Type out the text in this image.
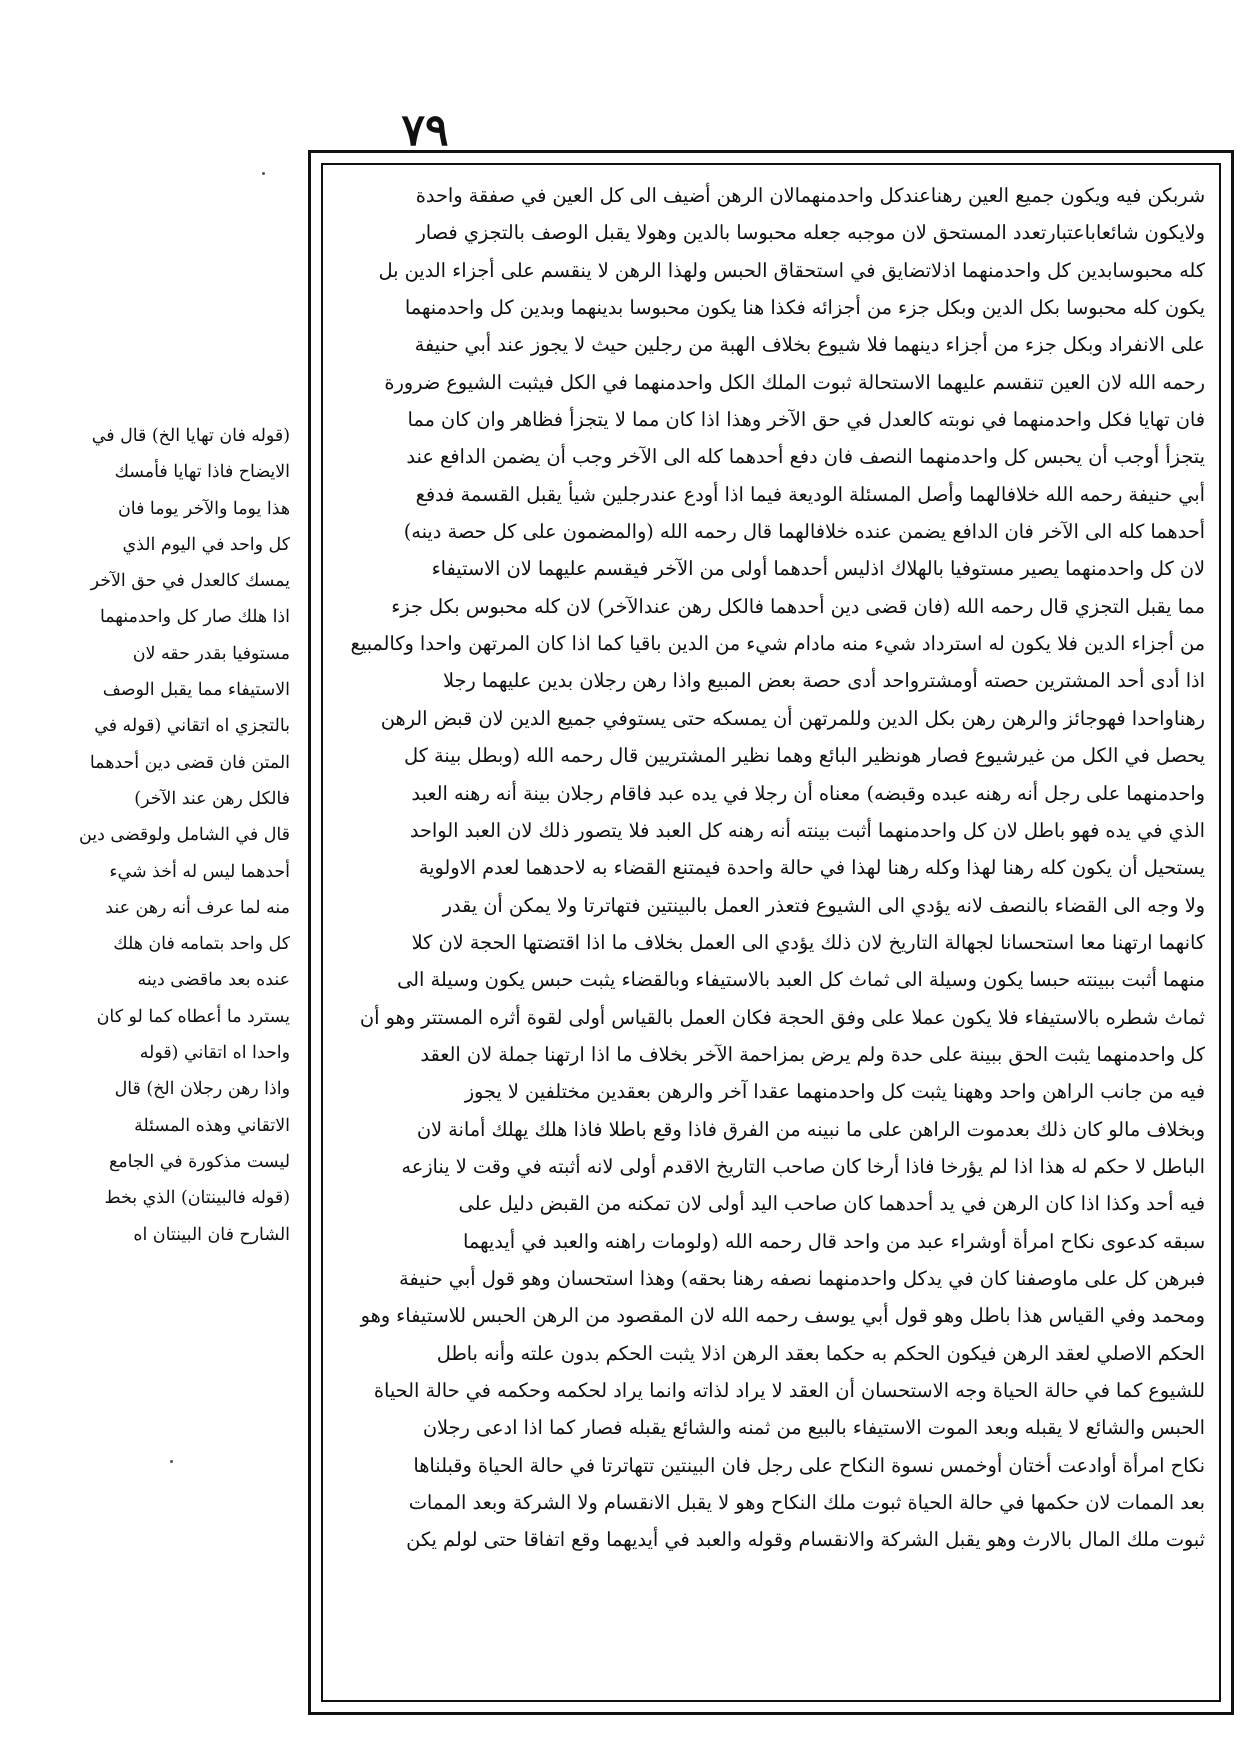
٧٩
شربكن فيه ويكون جميع العين رهناعندكل واحدمنهمالان الرهن أضيف الى كل العين في صفقة واحدة
ولايكون شائعاباعتبارتعدد المستحق لان موجبه جعله محبوسا بالدين وهولا يقبل الوصف بالتجزي فصار
كله محبوسابدين كل واحدمنهما اذلاتضايق في استحقاق الحبس ولهذا الرهن لا ينقسم على أجزاء الدين بل
يكون كله محبوسا بكل الدين وبكل جزء من أجزائه فكذا هنا يكون محبوسا بدينهما وبدين كل واحدمنهما
على الانفراد وبكل جزء من أجزاء دينهما فلا شيوع بخلاف الهبة من رجلين حيث لا يجوز عند أبي حنيفة
رحمه الله لان العين تنقسم عليهما الاستحالة ثبوت الملك الكل واحدمنهما في الكل فيثبت الشيوع ضرورة
فان تهايا فكل واحدمنهما في نوبته كالعدل في حق الآخر وهذا اذا كان مما لا يتجزأ فظاهر وان كان مما
يتجزأ أوجب أن يحبس كل واحدمنهما النصف فان دفع أحدهما كله الى الآخر وجب أن يضمن الدافع عند
أبي حنيفة رحمه الله خلافالهما وأصل المسئلة الوديعة فيما اذا أودع عندرجلين شيأ يقبل القسمة فدفع
أحدهما كله الى الآخر فان الدافع يضمن عنده خلافالهما قال رحمه الله (والمضمون على كل حصة دينه)
لان كل واحدمنهما يصير مستوفيا بالهلاك اذليس أحدهما أولى من الآخر فيقسم عليهما لان الاستيفاء
مما يقبل التجزي قال رحمه الله (فان قضى دين أحدهما فالكل رهن عندالآخر) لان كله محبوس بكل جزء
من أجزاء الدين فلا يكون له استرداد شيء منه مادام شيء من الدين باقيا كما اذا كان المرتهن واحدا وكالمبيع
اذا أدى أحد المشترين حصته أومشترواحد أدى حصة بعض المبيع واذا رهن رجلان بدين عليهما رجلا
رهناواحدا فهوجائز والرهن رهن بكل الدين وللمرتهن أن يمسكه حتى يستوفي جميع الدين لان قبض الرهن
يحصل في الكل من غيرشيوع فصار هونظير البائع وهما نظير المشتريين قال رحمه الله (وبطل بينة كل
واحدمنهما على رجل أنه رهنه عبده وقبضه) معناه أن رجلا في يده عبد فاقام رجلان بينة أنه رهنه العبد
الذي في يده فهو باطل لان كل واحدمنهما أثبت بينته أنه رهنه كل العبد فلا يتصور ذلك لان العبد الواحد
يستحيل أن يكون كله رهنا لهذا وكله رهنا لهذا في حالة واحدة فيمتنع القضاء به لاحدهما لعدم الاولوية
ولا وجه الى القضاء بالنصف لانه يؤدي الى الشيوع فتعذر العمل بالبينتين فتهاترتا ولا يمكن أن يقدر
كانهما ارتهنا معا استحسانا لجهالة التاريخ لان ذلك يؤدي الى العمل بخلاف ما اذا اقتضتها الحجة لان كلا
منهما أثبت ببينته حبسا يكون وسيلة الى ثماث كل العبد بالاستيفاء وبالقضاء يثبت حبس يكون وسيلة الى
ثماث شطره بالاستيفاء فلا يكون عملا على وفق الحجة فكان العمل بالقياس أولى لقوة أثره المستتر وهو أن
كل واحدمنهما يثبت الحق ببينة على حدة ولم يرض بمزاحمة الآخر بخلاف ما اذا ارتهنا جملة لان العقد
فيه من جانب الراهن واحد وههنا يثبت كل واحدمنهما عقدا آخر والرهن بعقدين مختلفين لا يجوز
وبخلاف مالو كان ذلك بعدموت الراهن على ما نبينه من الفرق فاذا وقع باطلا فاذا هلك يهلك أمانة لان
الباطل لا حكم له هذا اذا لم يؤرخا فاذا أرخا كان صاحب التاريخ الاقدم أولى لانه أثبته في وقت لا ينازعه
فيه أحد وكذا اذا كان الرهن في يد أحدهما كان صاحب اليد أولى لان تمكنه من القبض دليل على
سبقه كدعوى نكاح امرأة أوشراء عبد من واحد قال رحمه الله (ولومات راهنه والعبد في أيديهما
فبرهن كل على ماوصفنا كان في يدكل واحدمنهما نصفه رهنا بحقه) وهذا استحسان وهو قول أبي حنيفة
ومحمد وفي القياس هذا باطل وهو قول أبي يوسف رحمه الله لان المقصود من الرهن الحبس للاستيفاء وهو
الحكم الاصلي لعقد الرهن فيكون الحكم به حكما بعقد الرهن اذلا يثبت الحكم بدون علته وأنه باطل
للشيوع كما في حالة الحياة وجه الاستحسان أن العقد لا يراد لذاته وانما يراد لحكمه وحكمه في حالة الحياة
الحبس والشائع لا يقبله وبعد الموت الاستيفاء بالبيع من ثمنه والشائع يقبله فصار كما اذا ادعى رجلان
نكاح امرأة أوادعت أختان أوخمس نسوة النكاح على رجل فان البينتين تتهاترتا في حالة الحياة وقبلناها
بعد الممات لان حكمها في حالة الحياة ثبوت ملك النكاح وهو لا يقبل الانقسام ولا الشركة وبعد الممات
ثبوت ملك المال بالارث وهو يقبل الشركة والانقسام وقوله والعبد في أيديهما وقع اتفاقا حتى لولم يكن
(قوله فان تهايا الخ) قال في
الايضاح فاذا تهايا فأمسك
هذا يوما والآخر يوما فان
كل واحد في اليوم الذي
يمسك كالعدل في حق الآخر
اذا هلك صار كل واحدمنهما
مستوفيا بقدر حقه لان
الاستيفاء مما يقبل الوصف
بالتجزي اه اتقاني (قوله في
المتن فان قضى دين أحدهما
فالكل رهن عند الآخر)
قال في الشامل ولوقضى دين
أحدهما ليس له أخذ شيء
منه لما عرف أنه رهن عند
كل واحد بتمامه فان هلك
عنده بعد ماقضى دينه
يسترد ما أعطاه كما لو كان
واحدا اه اتقاني (قوله
واذا رهن رجلان الخ) قال
الاتقاني وهذه المسئلة
ليست مذكورة في الجامع
(قوله فالبينتان) الذي بخط
الشارح فان البينتان اه
